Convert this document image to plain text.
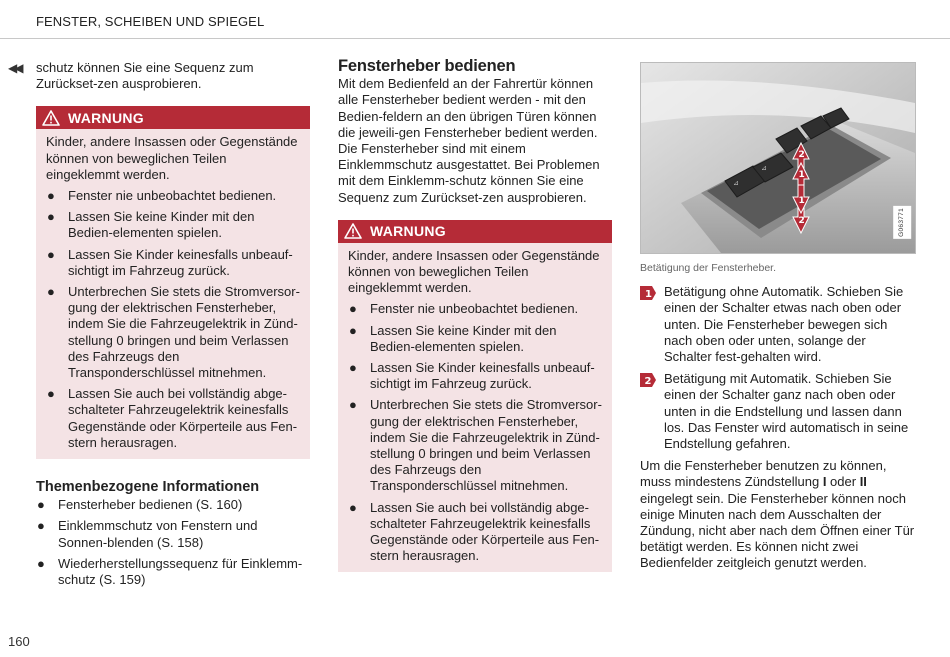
FENSTER, SCHEIBEN UND SPIEGEL
◀◀ schutz können Sie eine Sequenz zum Zurückset-zen ausprobieren.

WARNUNG

Kinder, andere Insassen oder Gegenstände können von beweglichen Teilen eingeklemmt werden.

● Fenster nie unbeobachtet bedienen.
● Lassen Sie keine Kinder mit den Bedien-elementen spielen.
● Lassen Sie Kinder keinesfalls unbeauf-sichtigt im Fahrzeug zurück.
● Unterbrechen Sie stets die Stromversor-gung der elektrischen Fensterheber, indem Sie die Fahrzeugelektrik in Zünd-stellung 0 bringen und beim Verlassen des Fahrzeugs den Transponderschlüssel mitnehmen.
● Lassen Sie auch bei vollständig abge-schalteter Fahrzeugelektrik keinesfalls Gegenstände oder Körperteile aus Fen-stern herausragen.
Themenbezogene Informationen
● Fensterheber bedienen (S. 160)
● Einklemmschutz von Fenstern und Sonnen-blenden (S. 158)
● Wiederherstellungssequenz für Einklemm-schutz (S. 159)
Fensterheber bedienen

Mit dem Bedienfeld an der Fahrertür können alle Fensterheber bedient werden - mit den Bedien-feldern an den übrigen Türen können die jeweili-gen Fensterheber bedient werden.

Die Fensterheber sind mit einem Einklemmschutz ausgestattet. Bei Problemen mit dem Einklemm-schutz können Sie eine Sequenz zum Zurückset-zen ausprobieren.

WARNUNG

Kinder, andere Insassen oder Gegenstände können von beweglichen Teilen eingeklemmt werden.

● Fenster nie unbeobachtet bedienen.
● Lassen Sie keine Kinder mit den Bedien-elementen spielen.
● Lassen Sie Kinder keinesfalls unbeauf-sichtigt im Fahrzeug zurück.
● Unterbrechen Sie stets die Stromversor-gung der elektrischen Fensterheber, indem Sie die Fahrzeugelektrik in Zünd-stellung 0 bringen und beim Verlassen des Fahrzeugs den Transponderschlüssel mitnehmen.
● Lassen Sie auch bei vollständig abge-schalteter Fahrzeugelektrik keinesfalls Gegenstände oder Körperteile aus Fen-stern herausragen.
⊿
⊿
2
1
1
2	G063771
Betätigung der Fensterheber.
1 Betätigung ohne Automatik. Schieben Sie einen der Schalter etwas nach oben oder unten. Die Fensterheber bewegen sich nach oben oder unten, solange der Schalter fest-gehalten wird.
2 Betätigung mit Automatik. Schieben Sie einen der Schalter ganz nach oben oder unten in die Endstellung und lassen dann los. Das Fenster wird automatisch in seine Endstellung gefahren.

Um die Fensterheber benutzen zu können, muss mindestens Zündstellung I oder II eingelegt sein. Die Fensterheber können noch einige Minuten nach dem Ausschalten der Zündung, nicht aber nach dem Öffnen einer Tür betätigt werden. Es können nicht zwei Bedienfelder zeitgleich genutzt werden.

160
